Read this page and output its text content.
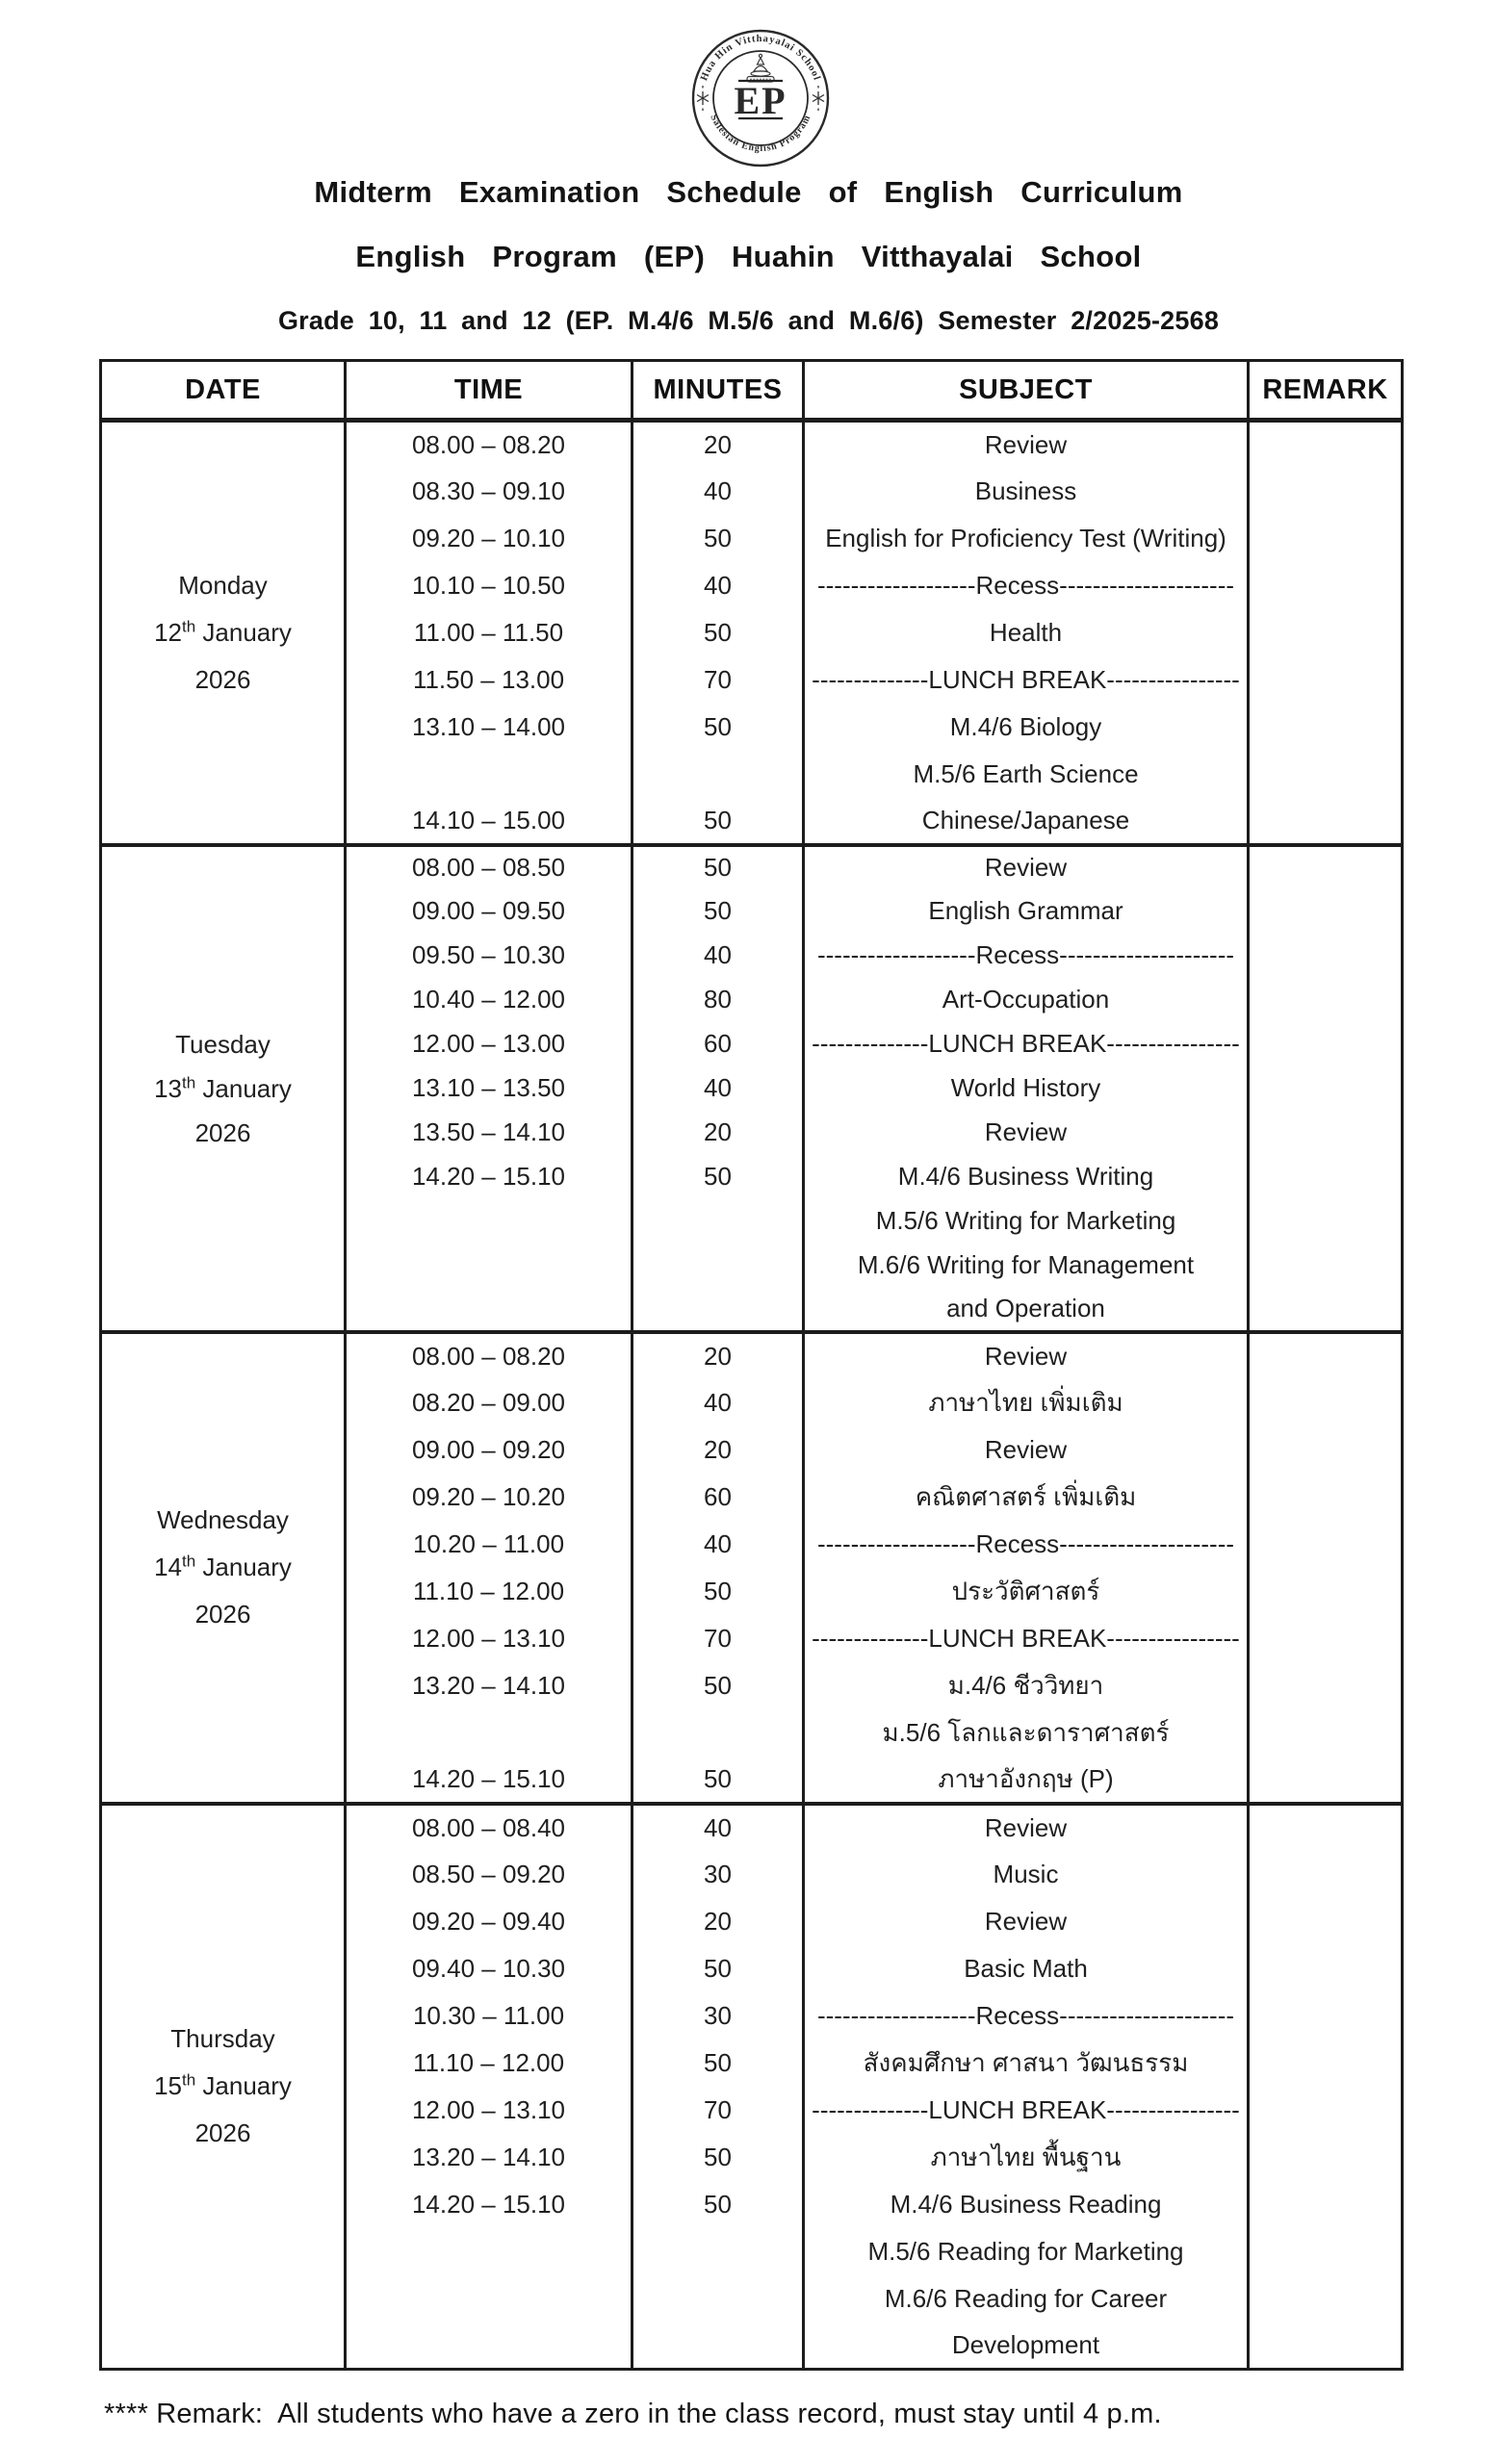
Hua Hin Vitthayalai School
Salesian English Program
EP
Midterm Examination Schedule of English Curriculum
English Program (EP) Huahin Vitthayalai School
Grade 10, 11 and 12 (EP. M.4/6 M.5/6 and M.6/6) Semester 2/2025-2568
DATE	TIME	MINUTES	SUBJECT	REMARK

Monday
12th January
2026	08.00 – 08.20	20	Review	
	08.30 – 09.10	40	Business	
	09.20 – 10.10	50	English for Proficiency Test (Writing)	
	10.10 – 10.50	40	-------------------Recess---------------------	
	11.00 – 11.50	50	Health	
	11.50 – 13.00	70	--------------LUNCH BREAK----------------	
	13.10 – 14.00	50	M.4/6 Biology	
			M.5/6 Earth Science	
	14.10 – 15.00	50	Chinese/Japanese	

Tuesday
13th January
2026	08.00 – 08.50	50	Review	
	09.00 – 09.50	50	English Grammar	
	09.50 – 10.30	40	-------------------Recess---------------------	
	10.40 – 12.00	80	Art-Occupation	
	12.00 – 13.00	60	--------------LUNCH BREAK----------------	
	13.10 – 13.50	40	World History	
	13.50 – 14.10	20	Review	
	14.20 – 15.10	50	M.4/6 Business Writing	
			M.5/6 Writing for Marketing	
			M.6/6 Writing for Management	
			and Operation	

Wednesday
14th January
2026	08.00 – 08.20	20	Review	
	08.20 – 09.00	40	ภาษาไทย เพิ่มเติม	
	09.00 – 09.20	20	Review	
	09.20 – 10.20	60	คณิตศาสตร์ เพิ่มเติม	
	10.20 – 11.00	40	-------------------Recess---------------------	
	11.10 – 12.00	50	ประวัติศาสตร์	
	12.00 – 13.10	70	--------------LUNCH BREAK----------------	
	13.20 – 14.10	50	ม.4/6 ชีววิทยา	
			ม.5/6 โลกและดาราศาสตร์	
	14.20 – 15.10	50	ภาษาอังกฤษ (P)	

Thursday
15th January
2026	08.00 – 08.40	40	Review	
	08.50 – 09.20	30	Music	
	09.20 – 09.40	20	Review	
	09.40 – 10.30	50	Basic Math	
	10.30 – 11.00	30	-------------------Recess---------------------	
	11.10 – 12.00	50	สังคมศึกษา ศาสนา วัฒนธรรม	
	12.00 – 13.10	70	--------------LUNCH BREAK----------------	
	13.20 – 14.10	50	ภาษาไทย พื้นฐาน	
	14.20 – 15.10	50	M.4/6 Business Reading	
			M.5/6 Reading for Marketing	
			M.6/6 Reading for Career	
			Development	
**** Remark:  All students who have a zero in the class record, must stay until 4 p.m.
